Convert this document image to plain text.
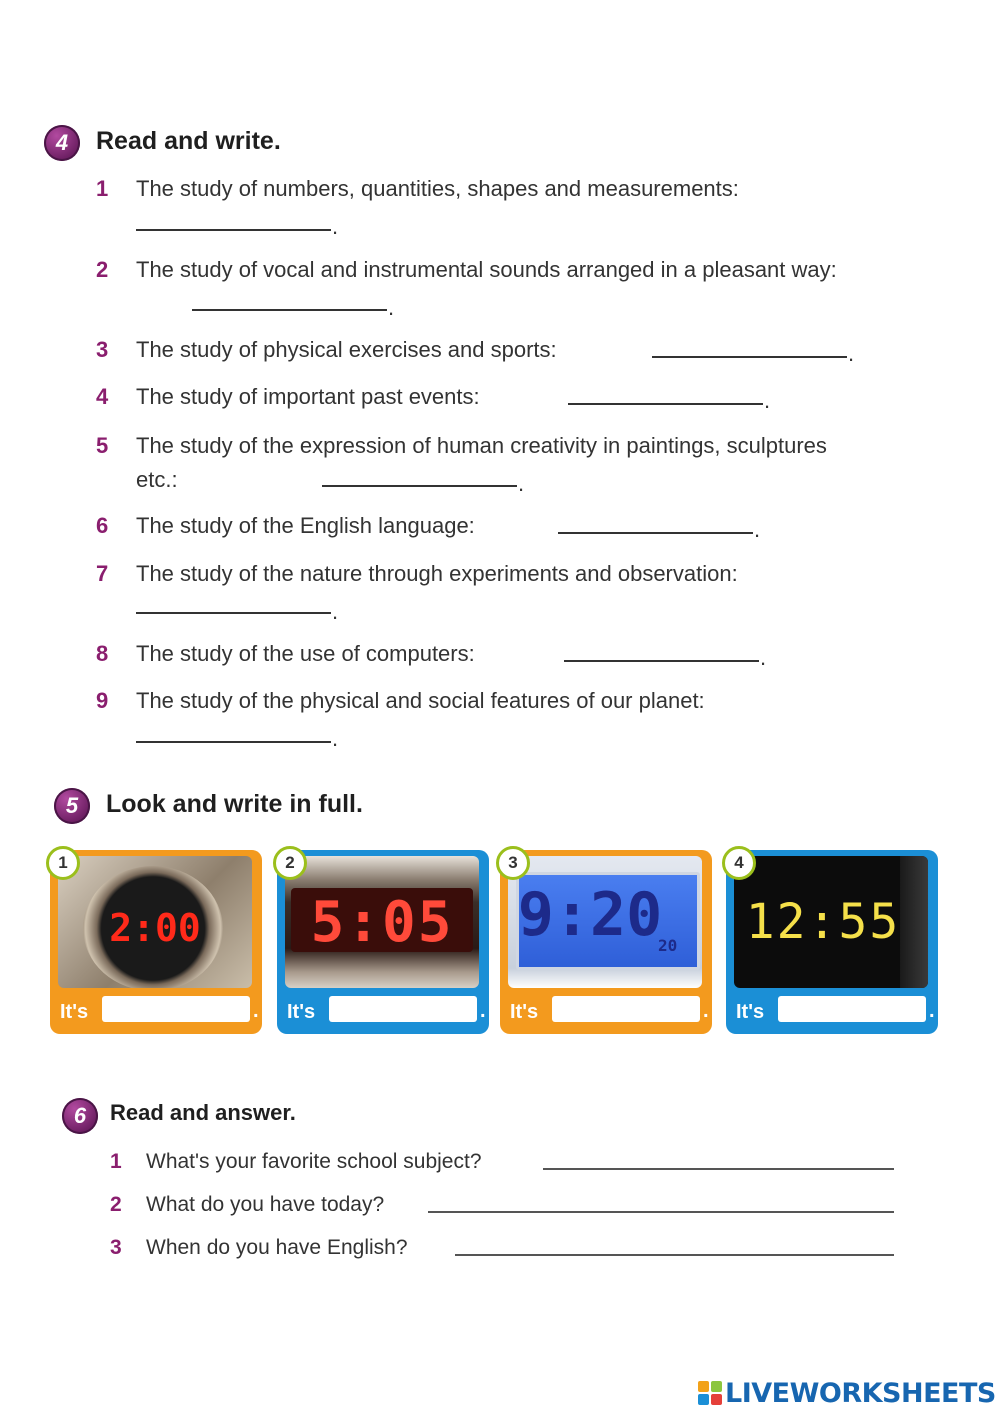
4	Read and write.
1	The study of numbers, quantities, shapes and measurements:
.
2	The study of vocal and instrumental sounds arranged in a pleasant way:
.
3	The study of physical exercises and sports:	.
4	The study of important past events:	.
5	The study of the expression of human creativity in paintings, sculptures etc.:	.
6	The study of the English language:	.
7	The study of the nature through experiments and observation:
.
8	The study of the use of computers:	.
9	The study of the physical and social features of our planet:
.
5	Look and write in full.
1
2:00
It's	.
2
5:05
It's	.
3
9:20
20
It's	.
4
12:55
It's	.
6	Read and answer.
1 What's your favorite school subject?
2 What do you have today?
3 When do you have English?
LIVEWORKSHEETS
